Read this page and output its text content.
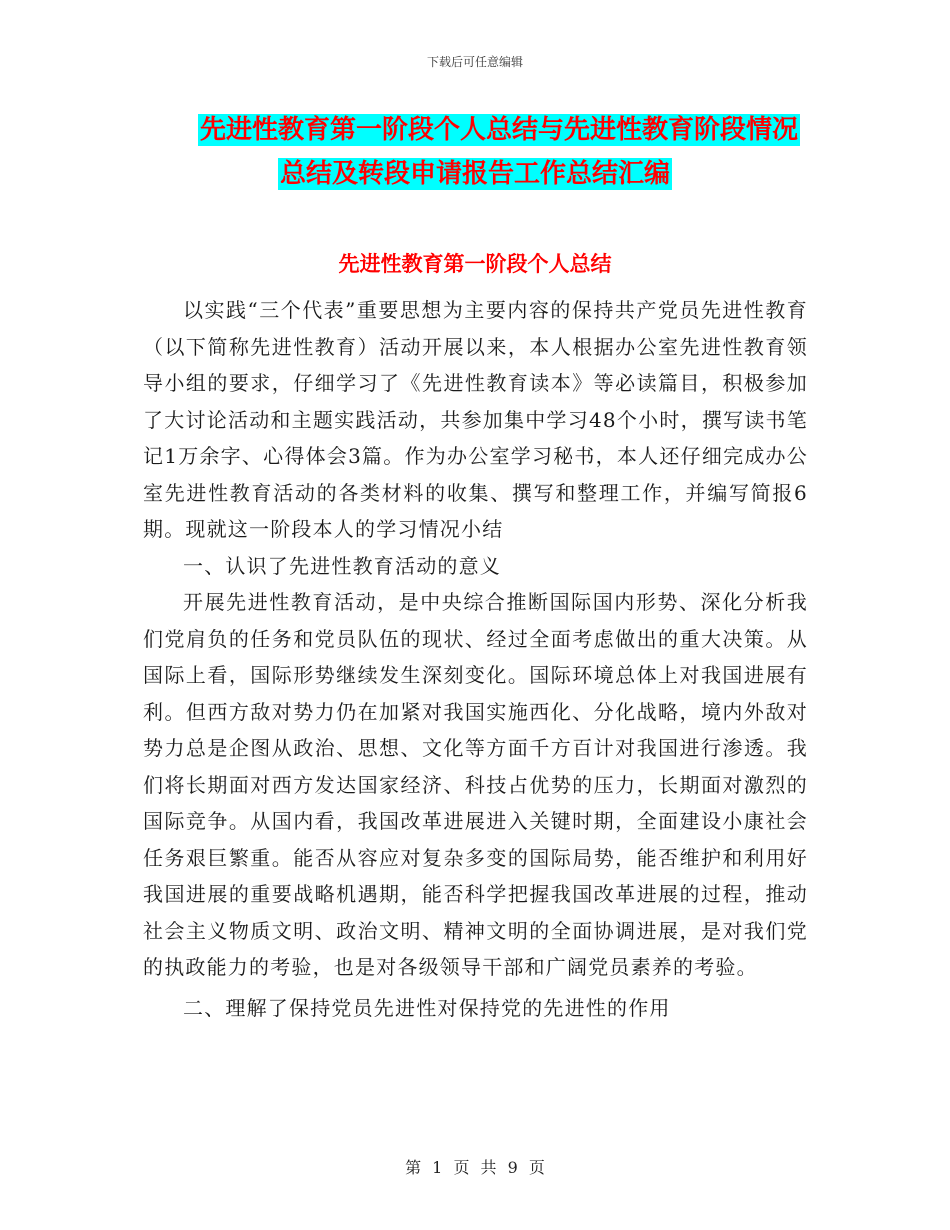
下载后可任意编辑
先进性教育第一阶段个人总结与先进性教育阶段情况
总结及转段申请报告工作总结汇编
先进性教育第一阶段个人总结

以实践“三个代表”重要思想为主要内容的保持共产党员先进性教育（以下简称先进性教育）活动开展以来，本人根据办公室先进性教育领导小组的要求，仔细学习了《先进性教育读本》等必读篇目，积极参加了大讨论活动和主题实践活动，共参加集中学习48个小时，撰写读书笔记1万余字、心得体会3篇。作为办公室学习秘书，本人还仔细完成办公室先进性教育活动的各类材料的收集、撰写和整理工作，并编写简报6期。现就这一阶段本人的学习情况小结

一、认识了先进性教育活动的意义

开展先进性教育活动，是中央综合推断国际国内形势、深化分析我们党肩负的任务和党员队伍的现状、经过全面考虑做出的重大决策。从国际上看，国际形势继续发生深刻变化。国际环境总体上对我国进展有利。但西方敌对势力仍在加紧对我国实施西化、分化战略，境内外敌对势力总是企图从政治、思想、文化等方面千方百计对我国进行渗透。我们将长期面对西方发达国家经济、科技占优势的压力，长期面对激烈的国际竞争。从国内看，我国改革进展进入关键时期，全面建设小康社会任务艰巨繁重。能否从容应对复杂多变的国际局势，能否维护和利用好我国进展的重要战略机遇期，能否科学把握我国改革进展的过程，推动社会主义物质文明、政治文明、精神文明的全面协调进展，是对我们党的执政能力的考验，也是对各级领导干部和广阔党员素养的考验。

二、理解了保持党员先进性对保持党的先进性的作用

第 1 页 共 9 页
